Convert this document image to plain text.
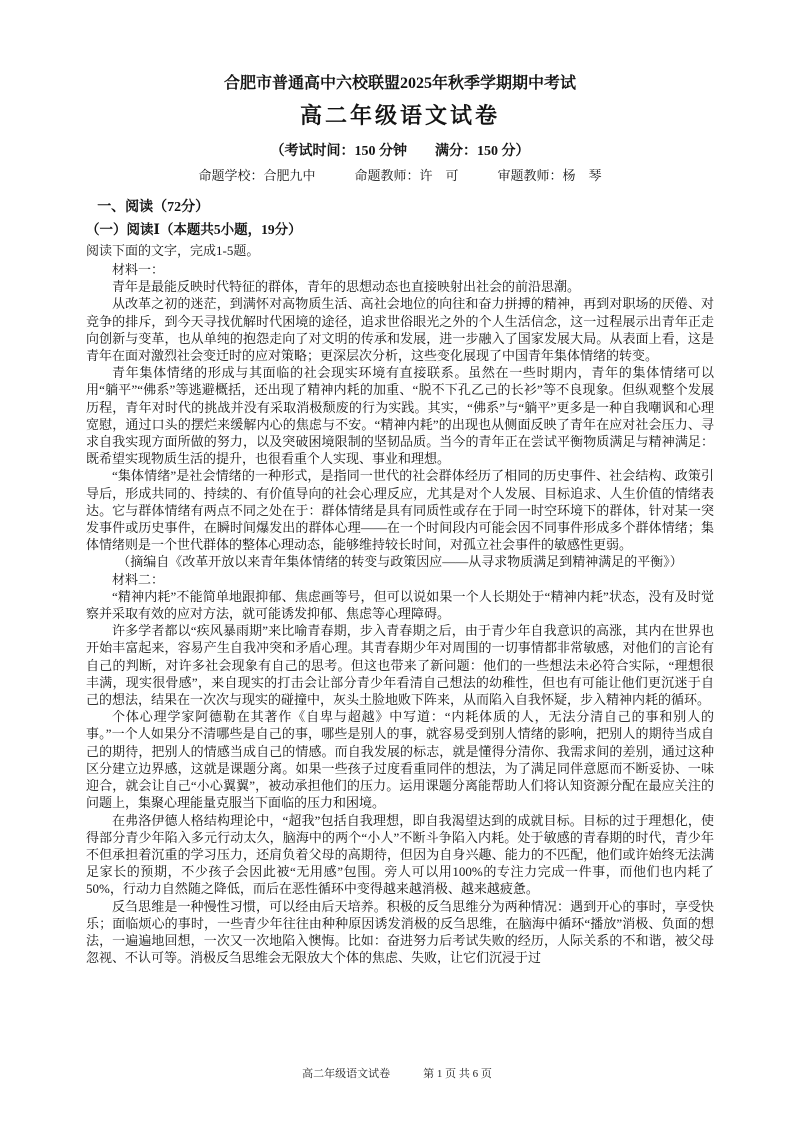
合肥市普通高中六校联盟2025年秋季学期期中考试
高二年级语文试卷
（考试时间：150 分钟　　满分：150 分）
命题学校：合肥九中　　　命题教师：许　可　　　审题教师：杨　琴
一、阅读（72分）
（一）阅读Ⅰ（本题共5小题，19分）
阅读下面的文字，完成1-5题。

材料一：

青年是最能反映时代特征的群体，青年的思想动态也直接映射出社会的前沿思潮。

从改革之初的迷茫，到满怀对高物质生活、高社会地位的向往和奋力拼搏的精神，再到对职场的厌倦、对竞争的排斥，到今天寻找优解时代困境的途径，追求世俗眼光之外的个人生活信念，这一过程展示出青年正走向创新与变革，也从单纯的抱怨走向了对文明的传承和发展，进一步融入了国家发展大局。从表面上看，这是青年在面对激烈社会变迁时的应对策略；更深层次分析，这些变化展现了中国青年集体情绪的转变。

青年集体情绪的形成与其面临的社会现实环境有直接联系。虽然在一些时期内，青年的集体情绪可以用“躺平”“佛系”等逃避概括，还出现了精神内耗的加重、“脱不下孔乙己的长衫”等不良现象。但纵观整个发展历程，青年对时代的挑战并没有采取消极颓废的行为实践。其实，“佛系”与“躺平”更多是一种自我嘲讽和心理宽慰，通过口头的摆烂来缓解内心的焦虑与不安。“精神内耗”的出现也从侧面反映了青年在应对社会压力、寻求自我实现方面所做的努力，以及突破困境限制的坚韧品质。当今的青年正在尝试平衡物质满足与精神满足：既希望实现物质生活的提升，也很看重个人实现、事业和理想。

“集体情绪”是社会情绪的一种形式，是指同一世代的社会群体经历了相同的历史事件、社会结构、政策引导后，形成共同的、持续的、有价值导向的社会心理反应，尤其是对个人发展、目标追求、人生价值的情绪表达。它与群体情绪有两点不同之处在于：群体情绪是具有同质性或存在于同一时空环境下的群体，针对某一突发事件或历史事件，在瞬时间爆发出的群体心理——在一个时间段内可能会因不同事件形成多个群体情绪；集体情绪则是一个世代群体的整体心理动态，能够维持较长时间，对孤立社会事件的敏感性更弱。

（摘编自《改革开放以来青年集体情绪的转变与政策因应——从寻求物质满足到精神满足的平衡》）

材料二：

“精神内耗”不能简单地跟抑郁、焦虑画等号，但可以说如果一个人长期处于“精神内耗”状态，没有及时觉察并采取有效的应对方法，就可能诱发抑郁、焦虑等心理障碍。

许多学者都以“疾风暴雨期”来比喻青春期，步入青春期之后，由于青少年自我意识的高涨，其内在世界也开始丰富起来，容易产生自我冲突和矛盾心理。其青春期少年对周围的一切事情都非常敏感，对他们的言论有自己的判断，对许多社会现象有自己的思考。但这也带来了新问题：他们的一些想法未必符合实际，“理想很丰满，现实很骨感”，来自现实的打击会让部分青少年看清自己想法的幼稚性，但也有可能让他们更沉迷于自己的想法，结果在一次次与现实的碰撞中，灰头土脸地败下阵来，从而陷入自我怀疑，步入精神内耗的循环。

个体心理学家阿德勒在其著作《自卑与超越》中写道：“内耗体质的人，无法分清自己的事和别人的事。”一个人如果分不清哪些是自己的事，哪些是别人的事，就容易受到别人情绪的影响，把别人的期待当成自己的期待，把别人的情感当成自己的情感。而自我发展的标志，就是懂得分清你、我需求间的差别，通过这种区分建立边界感，这就是课题分离。如果一些孩子过度看重同伴的想法，为了满足同伴意愿而不断妥协、一味迎合，就会让自己“小心翼翼”，被动承担他们的压力。运用课题分离能帮助人们将认知资源分配在最应关注的问题上，集聚心理能量克服当下面临的压力和困境。

在弗洛伊德人格结构理论中，“超我”包括自我理想，即自我渴望达到的成就目标。目标的过于理想化，使得部分青少年陷入多元行动太久，脑海中的两个“小人”不断斗争陷入内耗。处于敏感的青春期的时代，青少年不但承担着沉重的学习压力，还肩负着父母的高期待，但因为自身兴趣、能力的不匹配，他们或许始终无法满足家长的预期，不少孩子会因此被“无用感”包围。旁人可以用100%的专注力完成一件事，而他们也内耗了50%，行动力自然随之降低，而后在恶性循环中变得越来越消极、越来越疲惫。

反刍思维是一种慢性习惯，可以经由后天培养。积极的反刍思维分为两种情况：遇到开心的事时，享受快乐；面临烦心的事时，一些青少年往往由种种原因诱发消极的反刍思维，在脑海中循环“播放”消极、负面的想法，一遍遍地回想，一次又一次地陷入懊悔。比如：奋进努力后考试失败的经历，人际关系的不和谐，被父母忽视、不认可等。消极反刍思维会无限放大个体的焦虑、失败，让它们沉浸于过

高二年级语文试卷　　　第 1 页 共 6 页
